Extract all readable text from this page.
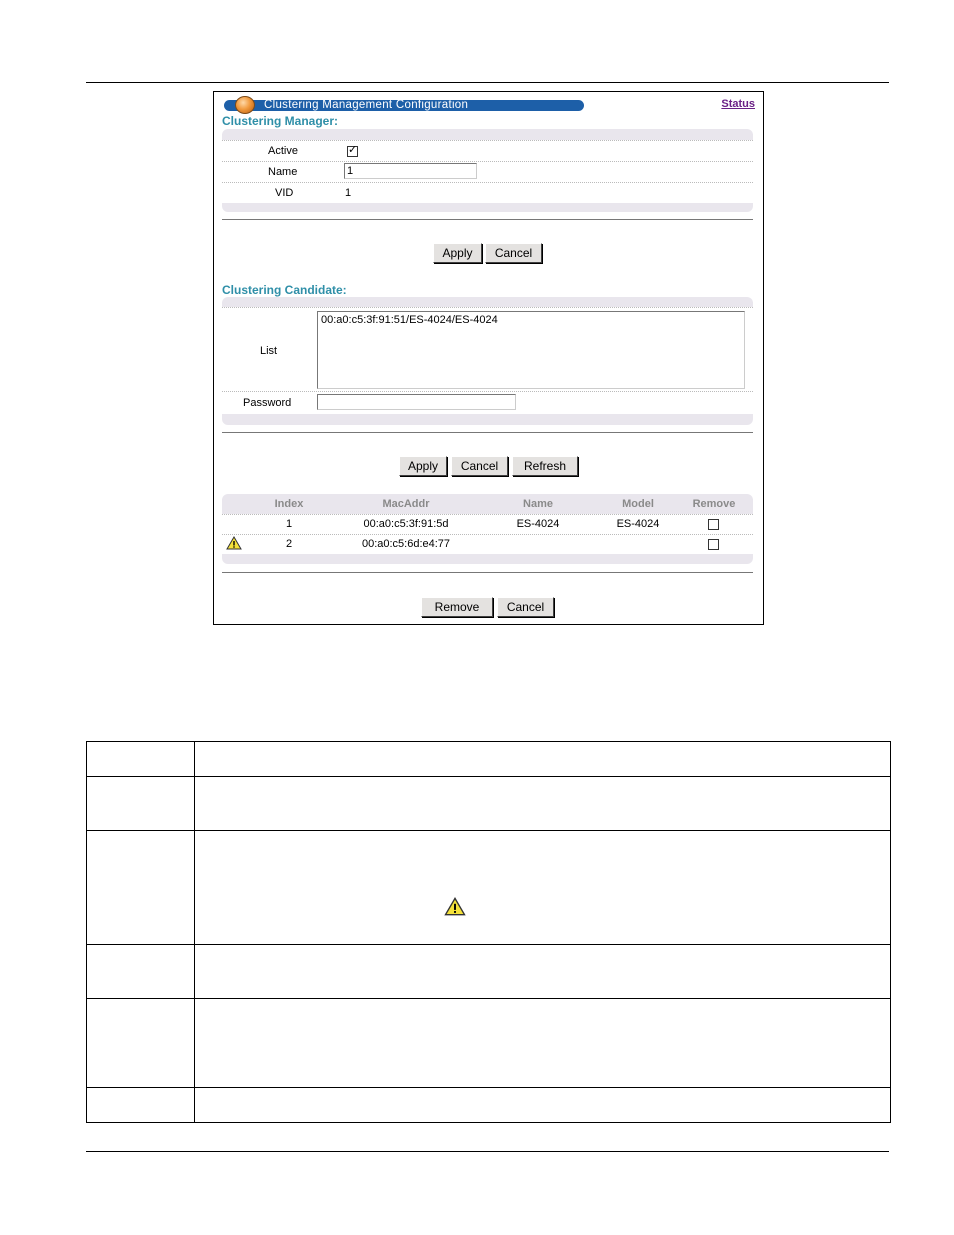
Clustering Management Configuration	Status
Clustering Manager:
Active	✓
Name	1
VID	1
Apply	Cancel
Clustering Candidate:
List
00:a0:c5:3f:91:51/ES-4024/ES-4024
Password
Apply	Cancel	Refresh
Index	MacAddr	Name	Model	Remove
1	00:a0:c5:3f:91:5d	ES-4024	ES-4024
2	00:a0:c5:6d:e4:77
Remove	Cancel
